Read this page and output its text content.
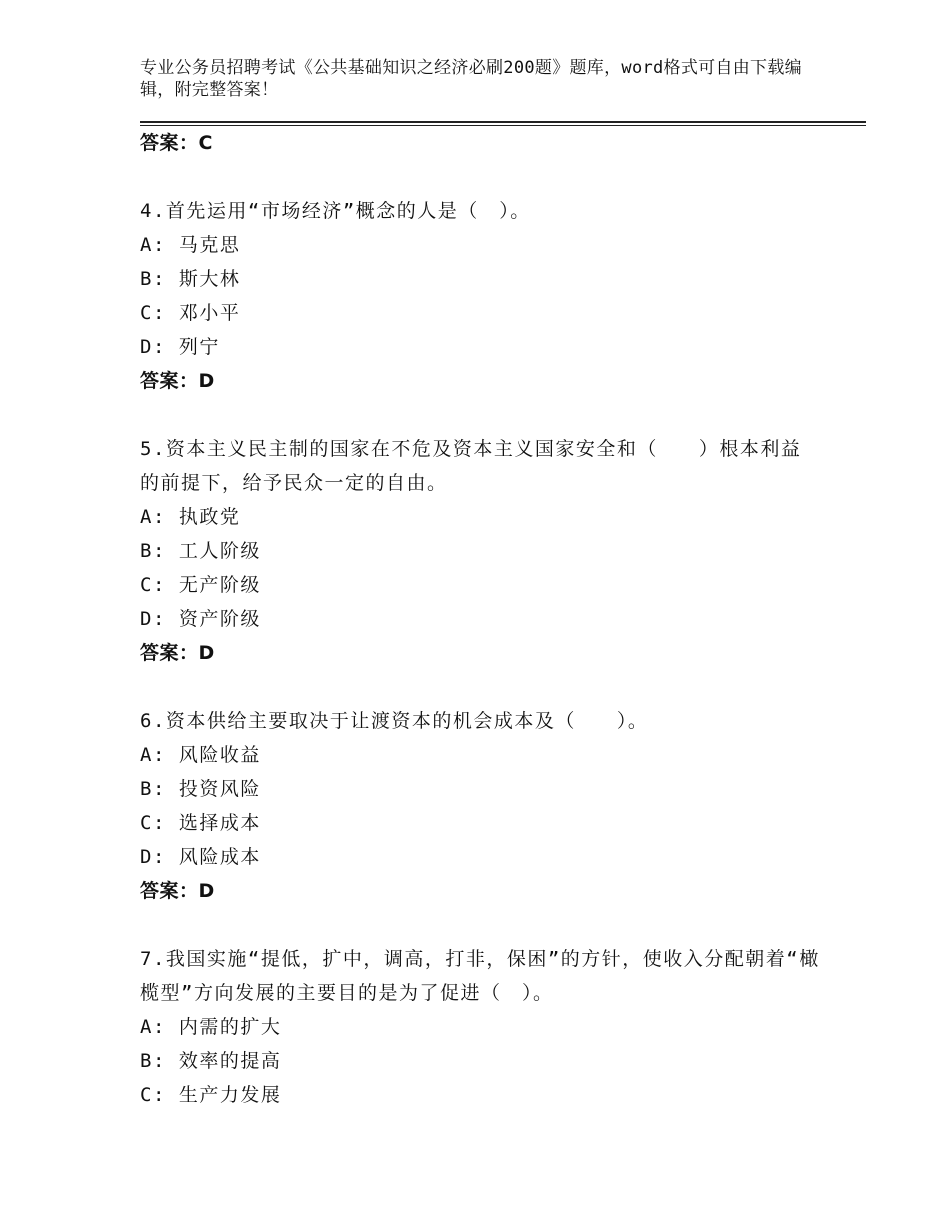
专业公务员招聘考试《公共基础知识之经济必刷200题》题库，word格式可自由下载编辑，附完整答案！
答案：C
4.首先运用“市场经济”概念的人是（　）。
A: 马克思
B: 斯大林
C: 邓小平
D: 列宁
答案：D
5.资本主义民主制的国家在不危及资本主义国家安全和（　　）根本利益的前提下，给予民众一定的自由。
A: 执政党
B: 工人阶级
C: 无产阶级
D: 资产阶级
答案：D
6.资本供给主要取决于让渡资本的机会成本及（　　）。
A: 风险收益
B: 投资风险
C: 选择成本
D: 风险成本
答案：D
7.我国实施“提低，扩中，调高，打非，保困”的方针，使收入分配朝着“橄榄型”方向发展的主要目的是为了促进（　）。
A: 内需的扩大
B: 效率的提高
C: 生产力发展
